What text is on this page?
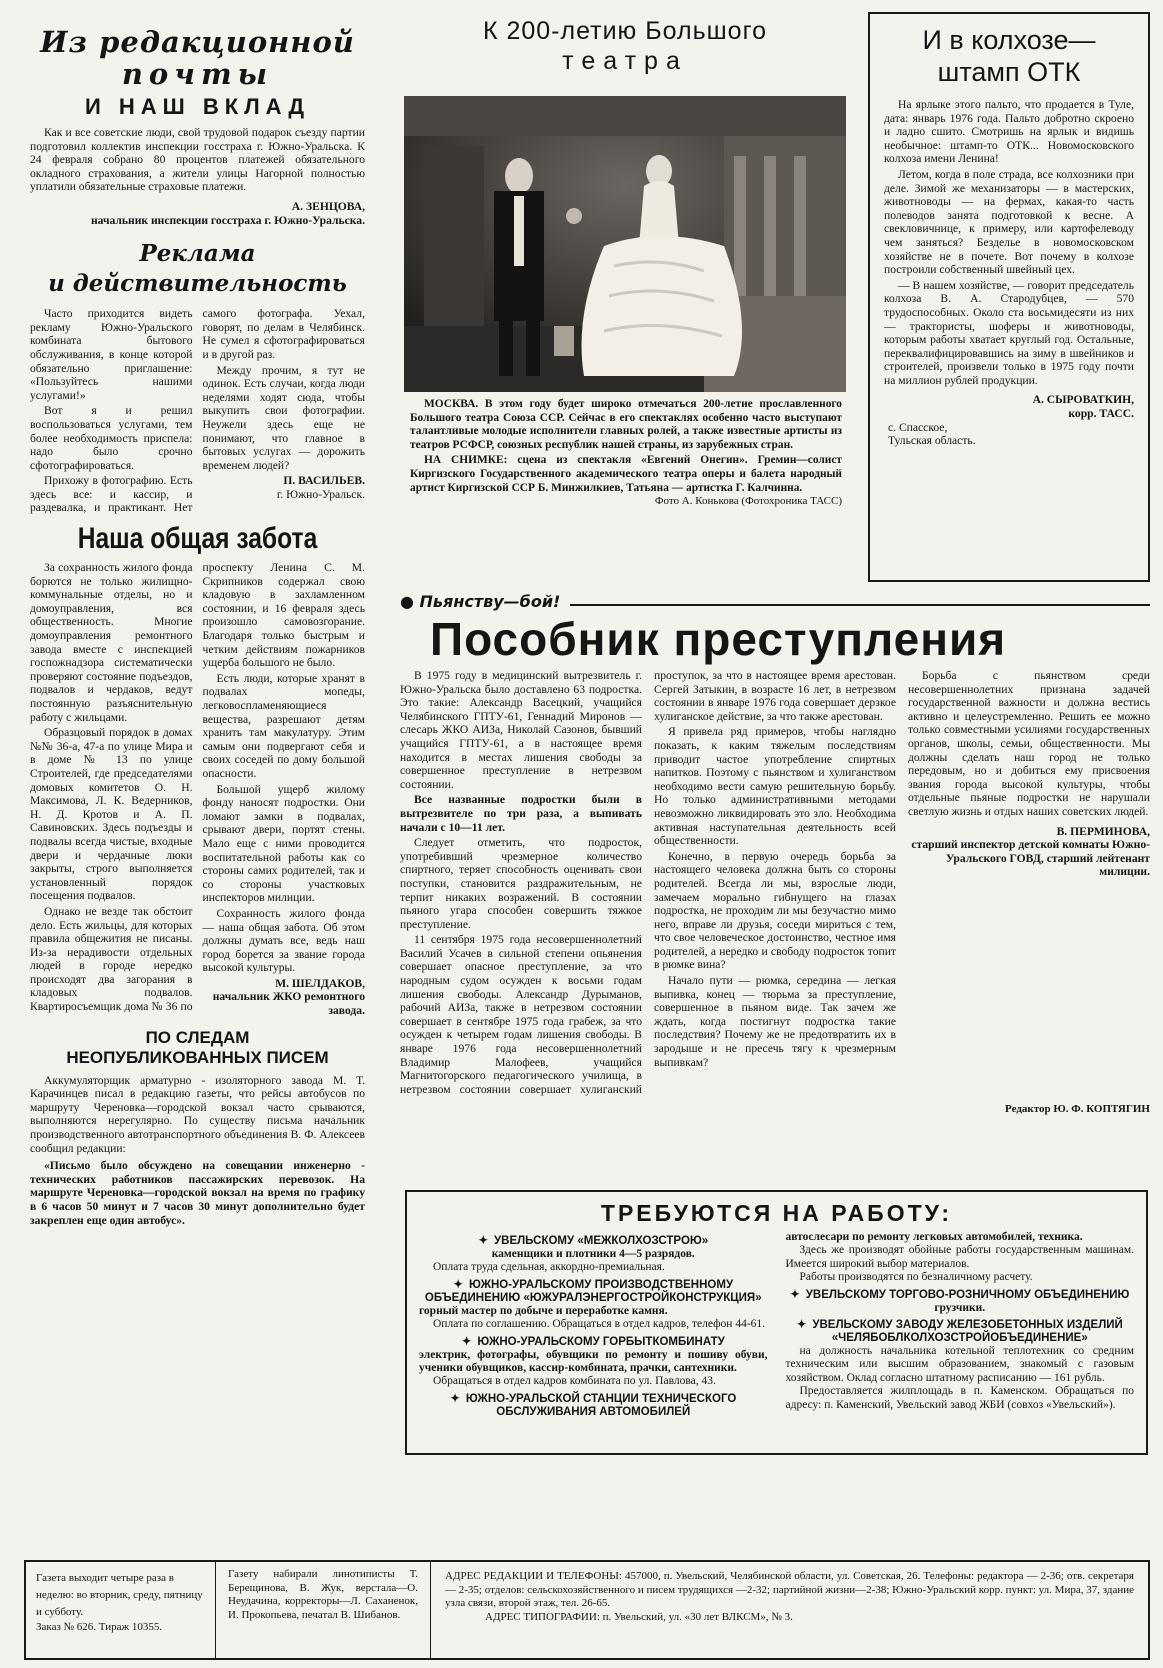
Из редакционной
почты
И НАШ ВКЛАД
Как и все советские люди, свой трудовой подарок съезду партии подготовил коллектив инспекции госстраха г. Южно-Уральска. К 24 февраля собрано 80 процентов платежей обязательного окладного страхования, а жители улицы Нагорной полностью уплатили обязательные страховые платежи.
А. ЗЕНЦОВА,
начальник инспекции госстраха г. Южно-Уральска.
Реклама
и действительность

Часто приходится видеть рекламу Южно-Уральского комбината бытового обслуживания, в конце которой обязательно приглашение: «Пользуйтесь нашими услугами!»

Вот я и решил воспользоваться услугами, тем более необходимость приспела: надо было срочно сфотографироваться.

Прихожу в фотографию. Есть здесь все: и кассир, и раздевалка, и практикант. Нет самого фотографа. Уехал, говорят, по делам в Челябинск. Не сумел я сфотографироваться и в другой раз.

Между прочим, я тут не одинок. Есть случаи, когда люди неделями ходят сюда, чтобы выкупить свои фотографии. Неужели здесь еще не понимают, что главное в бытовых услугах — дорожить временем людей?

П. ВАСИЛЬЕВ.
г. Южно-Уральск.
Наша общая забота

За сохранность жилого фонда борются не только жилищно-коммунальные отделы, но и домоуправления, вся общественность. Многие домоуправления ремонтного завода вместе с инспекцией госпожнадзора систематически проверяют состояние подъездов, подвалов и чердаков, ведут постоянную разъяснительную работу с жильцами.

Образцовый порядок в домах №№ 36-а, 47-а по улице Мира и в доме № 13 по улице Строителей, где председателями домовых комитетов О. Н. Максимова, Л. К. Ведерников, Н. Д. Кротов и А. П. Савиновских. Здесь подъезды и подвалы всегда чистые, входные двери и чердачные люки закрыты, строго выполняется установленный порядок посещения подвалов.

Однако не везде так обстоит дело. Есть жильцы, для которых правила общежития не писаны. Из-за нерадивости отдельных людей в городе нередко происходят два загорания в кладовых подвалов. Квартиросъемщик дома № 36 по проспекту Ленина С. М. Скрипников содержал свою кладовую в захламленном состоянии, и 16 февраля здесь произошло самовозгорание. Благодаря только быстрым и четким действиям пожарников ущерба большого не было.

Есть люди, которые хранят в подвалах мопеды, легковоспламеняющиеся вещества, разрешают детям хранить там макулатуру. Этим самым они подвергают себя и своих соседей по дому большой опасности.

Большой ущерб жилому фонду наносят подростки. Они ломают замки в подвалах, срывают двери, портят стены. Мало еще с ними проводится воспитательной работы как со стороны самих родителей, так и со стороны участковых инспекторов милиции.

Сохранность жилого фонда — наша общая забота. Об этом должны думать все, ведь наш город борется за звание города высокой культуры.

М. ШЕЛДАКОВ,
начальник ЖКО ремонтного завода.
ПО СЛЕДАМ
НЕОПУБЛИКОВАННЫХ ПИСЕМ
Аккумуляторщик арматурно - изоляторного завода М. Т. Карачинцев писал в редакцию газеты, что рейсы автобусов по маршруту Череновка—городской вокзал часто срываются, выполняются нерегулярно. По существу письма начальник производственного автотранспортного объединения В. Ф. Алексеев сообщил редакции:
«Письмо было обсуждено на совещании инженерно - технических работников пассажирских перевозок. На маршруте Череновка—городской вокзал на время по графику в 6 часов 50 минут и 7 часов 30 минут дополнительно будет закреплен еще один автобус».
К 200-летию Большого
театра
МОСКВА. В этом году будет широко отмечаться 200-летие прославленного Большого театра Союза ССР. Сейчас в его спектаклях особенно часто выступают талантливые молодые исполнители главных ролей, а также известные артисты из театров РСФСР, союзных республик нашей страны, из зарубежных стран.
НА СНИМКЕ: сцена из спектакля «Евгений Онегин». Гремин—солист Киргизского Государственного академического театра оперы и балета народный артист Киргизской ССР Б. Минжилкиев, Татьяна — артистка Г. Калчинна.
Фото А. Конькова (Фотохроника ТАСС)
И в колхозе—
штамп ОТК

На ярлыке этого пальто, что продается в Туле, дата: январь 1976 года. Пальто добротно скроено и ладно сшито. Смотришь на ярлык и видишь необычное: штамп-то ОТК... Новомосковского колхоза имени Ленина!

Летом, когда в поле страда, все колхозники при деле. Зимой же механизаторы — в мастерских, животноводы — на фермах, какая-то часть полеводов занята подготовкой к весне. А свекловичнице, к примеру, или картофелеводу чем заняться? Безделье в новомосковском хозяйстве не в почете. Вот почему в колхозе построили собственный швейный цех.

— В нашем хозяйстве, — говорит председатель колхоза В. А. Стародубцев, — 570 трудоспособных. Около ста восьмидесяти из них — трактористы, шоферы и животноводы, которым работы хватает круглый год. Остальные, переквалифицировавшись на зиму в швейников и строителей, произвели только в 1975 году почти на миллион рублей продукции.

А. СЫРОВАТКИН,
корр. ТАСС.
с. Спасское,
Тульская область.
● Пьянству—бой!
Пособник преступления

В 1975 году в медицинский вытрезвитель г. Южно-Уральска было доставлено 63 подростка. Это такие: Александр Васецкий, учащийся Челябинского ГПТУ-61, Геннадий Миронов — слесарь ЖКО АИЗа, Николай Сазонов, бывший учащийся ГПТУ-61, а в настоящее время находится в местах лишения свободы за совершенное преступление в нетрезвом состоянии.

Все названные подростки были в вытрезвителе по три раза, а выпивать начали с 10—11 лет.

Следует отметить, что подросток, употребивший чрезмерное количество спиртного, теряет способность оценивать свои поступки, становится раздражительным, не терпит никаких возражений. В состоянии пьяного угара способен совершить тяжкое преступление.

11 сентября 1975 года несовершеннолетний Василий Усачев в сильной степени опьянения совершает опасное преступление, за что народным судом осужден к восьми годам лишения свободы. Александр Дурыманов, рабочий АИЗа, также в нетрезвом состоянии совершает в сентябре 1975 года грабеж, за что осужден к четырем годам лишения свободы. В январе 1976 года несовершеннолетний Владимир Малофеев, учащийся Магнитогорского педагогического училища, в нетрезвом состоянии совершает хулиганский проступок, за что в настоящее время арестован. Сергей Затыкин, в возрасте 16 лет, в нетрезвом состоянии в январе 1976 года совершает дерзкое хулиганское действие, за что также арестован.

Я привела ряд примеров, чтобы наглядно показать, к каким тяжелым последствиям приводит частое употребление спиртных напитков. Поэтому с пьянством и хулиганством необходимо вести самую решительную борьбу. Но только административными методами невозможно ликвидировать это зло. Необходима активная наступательная деятельность всей общественности.

Конечно, в первую очередь борьба за настоящего человека должна быть со стороны родителей. Всегда ли мы, взрослые люди, замечаем морально гибнущего на глазах подростка, не проходим ли мы безучастно мимо него, вправе ли друзья, соседи мириться с тем, что свое человеческое достоинство, честное имя родителей, а нередко и свободу подросток топит в рюмке вина?

Начало пути — рюмка, середина — легкая выпивка, конец — тюрьма за преступление, совершенное в пьяном виде. Так зачем же ждать, когда постигнут подростка такие последствия? Почему же не предотвратить их в зародыше и не пресечь тягу к чрезмерным выпивкам?

Борьба с пьянством среди несовершеннолетних признана задачей государственной важности и должна вестись активно и целеустремленно. Решить ее можно только совместными усилиями государственных органов, школы, семьи, общественности. Мы должны сделать наш город не только передовым, но и добиться ему присвоения звания города высокой культуры, чтобы отдельные пьяные подростки не нарушали светлую жизнь и отдых наших советских людей.

В. ПЕРМИНОВА,
старший инспектор детской комнаты Южно-Уральского ГОВД, старший лейтенант милиции.
Редактор Ю. Ф. КОПТЯГИН
ТРЕБУЮТСЯ НА РАБОТУ:
✦ УВЕЛЬСКОМУ «МЕЖКОЛХОЗСТРОЮ»
каменщики и плотники 4—5 разрядов.
Оплата труда сдельная, аккордно-премиальная.
✦ ЮЖНО-УРАЛЬСКОМУ ПРОИЗВОДСТВЕННОМУ ОБЪЕДИНЕНИЮ «ЮЖУРАЛЭНЕРГОСТРОЙКОНСТРУКЦИЯ»
горный мастер по добыче и переработке камня.
Оплата по соглашению. Обращаться в отдел кадров, телефон 44-61.
✦ ЮЖНО-УРАЛЬСКОМУ ГОРБЫТКОМБИНАТУ
электрик, фотографы, обувщики по ремонту и пошиву обуви, ученики обувщиков, кассир-комбината, прачки, сантехники.
Обращаться в отдел кадров комбината по ул. Павлова, 43.
✦ ЮЖНО-УРАЛЬСКОЙ СТАНЦИИ ТЕХНИЧЕСКОГО ОБСЛУЖИВАНИЯ АВТОМОБИЛЕЙ
автослесари по ремонту легковых автомобилей, техника.
Здесь же производят обойные работы государственным машинам. Имеется широкий выбор материалов.
Работы производятся по безналичному расчету.
✦ УВЕЛЬСКОМУ ТОРГОВО-РОЗНИЧНОМУ ОБЪЕДИНЕНИЮ
грузчики.
✦ УВЕЛЬСКОМУ ЗАВОДУ ЖЕЛЕЗОБЕТОННЫХ ИЗДЕЛИЙ «ЧЕЛЯБОБЛКОЛХОЗСТРОЙОБЪЕДИНЕНИЕ»
на должность начальника котельной теплотехник со средним техническим или высшим образованием, знакомый с газовым хозяйством. Оклад согласно штатному расписанию — 161 рубль.
Предоставляется жилплощадь в п. Каменском. Обращаться по адресу: п. Каменский, Увельский завод ЖБИ (совхоз «Увельский»).
Газета выходит четыре раза в неделю: во вторник, среду, пятницу и субботу.
Заказ № 626. Тираж 10355.
Газету набирали линотиписты Т. Берещинова, В. Жук, верстала—О. Неудачина, корректоры—Л. Саханенок, И. Прокопьева, печатал В. Шибанов.
АДРЕС РЕДАКЦИИ И ТЕЛЕФОНЫ: 457000, п. Увельский, Челябинской области, ул. Советская, 26. Телефоны: редактора — 2-36; отв. секретаря — 2-35; отделов: сельскохозяйственного и писем трудящихся —2-32; партийной жизни—2-38; Южно-Уральский корр. пункт: ул. Мира, 37, здание узла связи, второй этаж, тел. 26-65.
АДРЕС ТИПОГРАФИИ: п. Увельский, ул. «30 лет ВЛКСМ», № 3.
